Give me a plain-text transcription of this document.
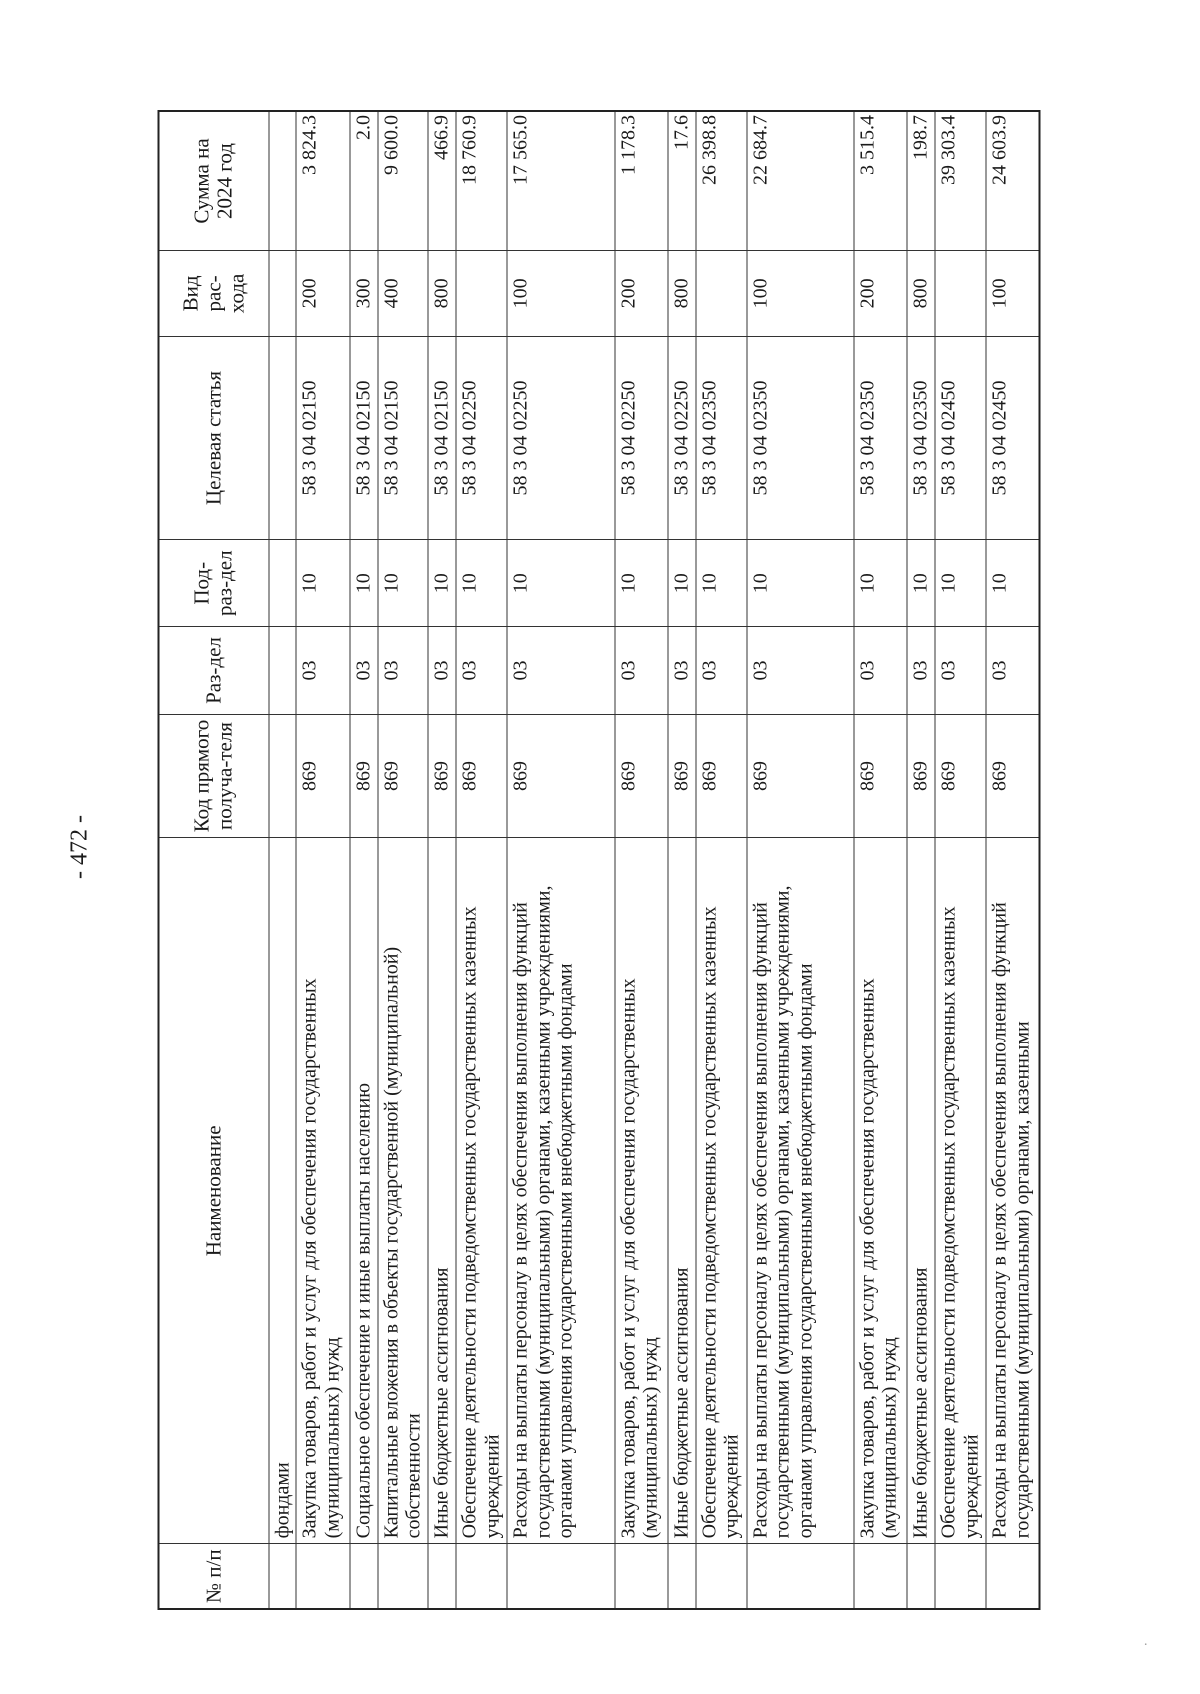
- 472 -
№ п/п	Наименование	Код прямого получа-теля	Раз-дел	Под-раз-дел	Целевая статья	Вид рас-хода	Сумма на 2024 год
	фондами						
	Закупка товаров, работ и услуг для обеспечения государственных (муниципальных) нужд	869	03	10	58 3 04 02150	200	3 824.3
	Социальное обеспечение и иные выплаты населению	869	03	10	58 3 04 02150	300	2.0
	Капитальные вложения в объекты государственной (муниципальной) собственности	869	03	10	58 3 04 02150	400	9 600.0
	Иные бюджетные ассигнования	869	03	10	58 3 04 02150	800	466.9
	Обеспечение деятельности подведомственных государственных казенных учреждений	869	03	10	58 3 04 02250		18 760.9
	Расходы на выплаты персоналу в целях обеспечения выполнения функций государственными (муниципальными) органами, казенными учреждениями, органами управления государственными внебюджетными фондами	869	03	10	58 3 04 02250	100	17 565.0
	Закупка товаров, работ и услуг для обеспечения государственных (муниципальных) нужд	869	03	10	58 3 04 02250	200	1 178.3
	Иные бюджетные ассигнования	869	03	10	58 3 04 02250	800	17.6
	Обеспечение деятельности подведомственных государственных казенных учреждений	869	03	10	58 3 04 02350		26 398.8
	Расходы на выплаты персоналу в целях обеспечения выполнения функций государственными (муниципальными) органами, казенными учреждениями, органами управления государственными внебюджетными фондами	869	03	10	58 3 04 02350	100	22 684.7
	Закупка товаров, работ и услуг для обеспечения государственных (муниципальных) нужд	869	03	10	58 3 04 02350	200	3 515.4
	Иные бюджетные ассигнования	869	03	10	58 3 04 02350	800	198.7
	Обеспечение деятельности подведомственных государственных казенных учреждений	869	03	10	58 3 04 02450		39 303.4
	Расходы на выплаты персоналу в целях обеспечения выполнения функций государственными (муниципальными) органами, казенными	869	03	10	58 3 04 02450	100	24 603.9
·
